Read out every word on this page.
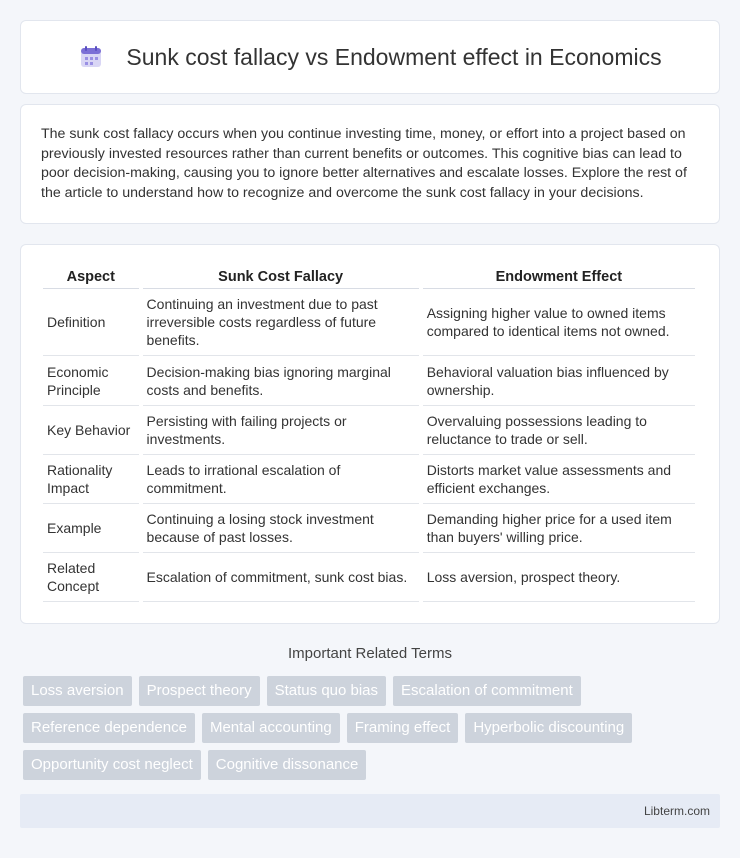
Sunk cost fallacy vs Endowment effect in Economics

The sunk cost fallacy occurs when you continue investing time, money, or effort into a project based on previously invested resources rather than current benefits or outcomes. This cognitive bias can lead to poor decision-making, causing you to ignore better alternatives and escalate losses. Explore the rest of the article to understand how to recognize and overcome the sunk cost fallacy in your decisions.

Aspect	Sunk Cost Fallacy	Endowment Effect
Definition	Continuing an investment due to past irreversible costs regardless of future benefits.	Assigning higher value to owned items compared to identical items not owned.
Economic Principle	Decision-making bias ignoring marginal costs and benefits.	Behavioral valuation bias influenced by ownership.
Key Behavior	Persisting with failing projects or investments.	Overvaluing possessions leading to reluctance to trade or sell.
Rationality Impact	Leads to irrational escalation of commitment.	Distorts market value assessments and efficient exchanges.
Example	Continuing a losing stock investment because of past losses.	Demanding higher price for a used item than buyers' willing price.
Related Concept	Escalation of commitment, sunk cost bias.	Loss aversion, prospect theory.
Important Related Terms
Loss aversion	Prospect theory	Status quo bias	Escalation of commitment
Reference dependence	Mental accounting	Framing effect	Hyperbolic discounting
Opportunity cost neglect	Cognitive dissonance
Libterm.com
